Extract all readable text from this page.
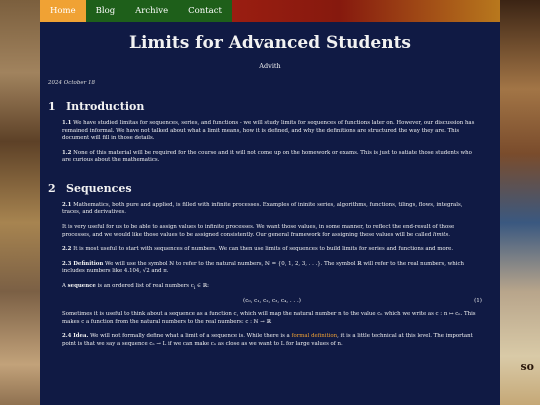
so
Home	Blog	Archive	Contact
Limits for Advanced Students
Advith
2024 October 18
1 Introduction

1.1 We have studied limitas for sequences, series, and functions - we will study limits for sequences of functions later on. However, our discussion has remained informal. We have not talked about what a limit means, how it is defined, and why the definitions are structured the way they are. This document will fill in those details.

1.2 None of this material will be required for the course and it will not come up on the homework or exams. This is just to satiate those students who are curious about the mathematics.

2 Sequences

2.1 Mathematics, both pure and applied, is filled with infinite processes. Examples of ininite series, algorithms, functions, tilings, flows, integrals, traces, and derivatives.

It is very useful for us to be able to assign values to infinite processes. We want those values, in some manner, to reflect the end-result of those processes, and we would like those values to be assigned consistently. Our general framework for assigning these values will be called limits.

2.2 It is most useful to start with sequences of numbers. We can then use limits of sequences to build limits for series and functions and more.

2.3 Definition We will use the symbol ℕ to refer to the natural numbers, ℕ = {0, 1, 2, 3, . . .}. The symbol ℝ will refer to the real numbers, which includes numbers like 4.104, √2 and π.

A sequence is an ordered list of real numbers $c_i$ ∈ ℝ:

(c₀, c₁, c₂, c₃, c₄, . . .)	(1)

Sometimes it is useful to think about a sequence as a function c, which will map the natural number n to the value cₙ which we write as c : n ↦ cₙ. This makes c a function from the natural numbers to the real numbers: c : ℕ → ℝ

2.4 Idea. We will not formally define what a limit of a sequence is. While there is a formal definition, it is a little technical at this level. The important point is that we say a sequence cₙ → L if we can make cₙ as close as we want to L for large values of n.
